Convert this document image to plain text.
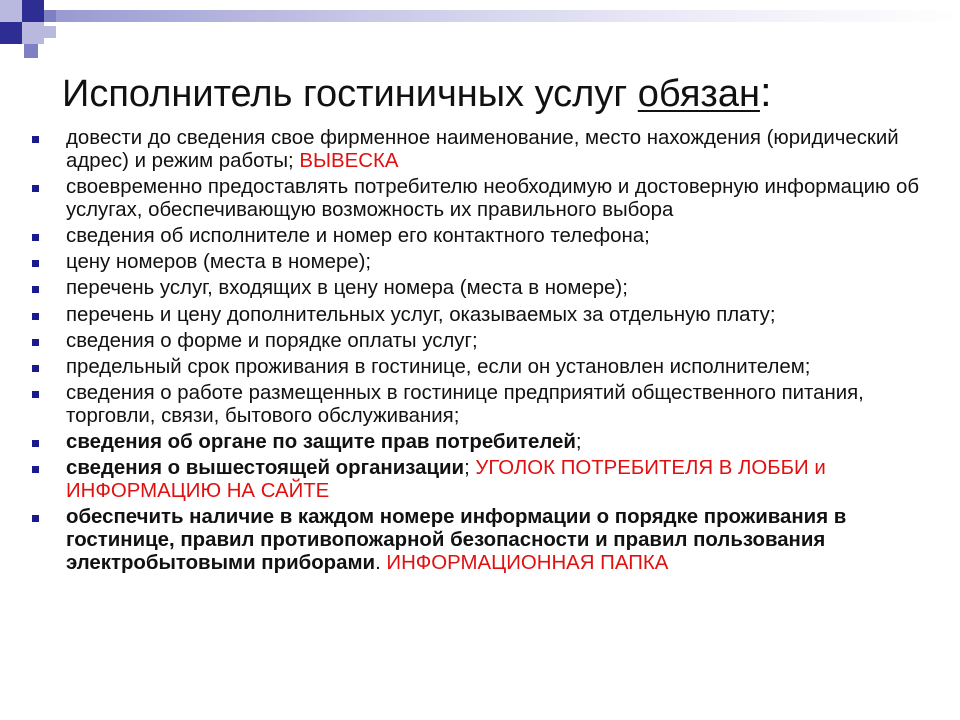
Исполнитель гостиничных услуг обязан:
довести до сведения свое фирменное наименование, место нахождения (юридический адрес) и режим работы; ВЫВЕСКА
своевременно предоставлять потребителю необходимую и достоверную информацию об услугах, обеспечивающую возможность их правильного выбора
сведения об исполнителе и номер его контактного телефона;
цену номеров (места в номере);
перечень услуг, входящих в цену номера (места в номере);
перечень и цену дополнительных услуг, оказываемых за отдельную плату;
сведения о форме и порядке оплаты услуг;
предельный срок проживания в гостинице, если он установлен исполнителем;
сведения о работе размещенных в гостинице предприятий общественного питания, торговли, связи, бытового обслуживания;
сведения об органе по защите прав потребителей;
сведения о вышестоящей организации; УГОЛОК ПОТРЕБИТЕЛЯ В ЛОББИ и ИНФОРМАЦИЮ НА САЙТЕ
обеспечить наличие в каждом номере информации о порядке проживания в гостинице, правил противопожарной безопасности и правил пользования электробытовыми приборами. ИНФОРМАЦИОННАЯ ПАПКА
